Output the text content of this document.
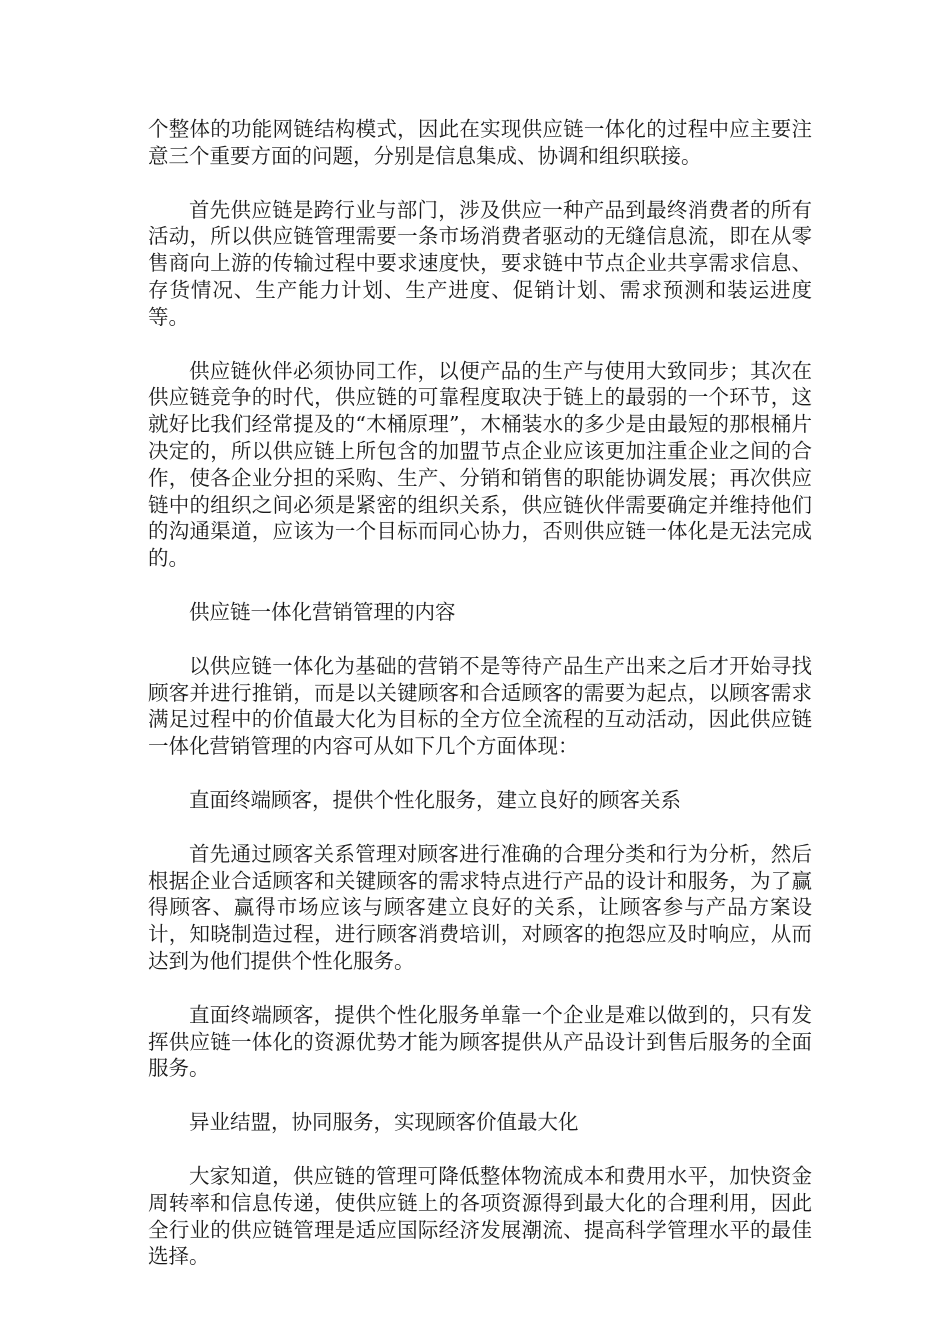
个整体的功能网链结构模式，因此在实现供应链一体化的过程中应主要注意三个重要方面的问题，分别是信息集成、协调和组织联接。

首先供应链是跨行业与部门，涉及供应一种产品到最终消费者的所有活动，所以供应链管理需要一条市场消费者驱动的无缝信息流，即在从零售商向上游的传输过程中要求速度快，要求链中节点企业共享需求信息、存货情况、生产能力计划、生产进度、促销计划、需求预测和装运进度等。

供应链伙伴必须协同工作，以便产品的生产与使用大致同步；其次在供应链竞争的时代，供应链的可靠程度取决于链上的最弱的一个环节，这就好比我们经常提及的“木桶原理”，木桶装水的多少是由最短的那根桶片决定的，所以供应链上所包含的加盟节点企业应该更加注重企业之间的合作，使各企业分担的采购、生产、分销和销售的职能协调发展；再次供应链中的组织之间必须是紧密的组织关系，供应链伙伴需要确定并维持他们的沟通渠道，应该为一个目标而同心协力，否则供应链一体化是无法完成的。

供应链一体化营销管理的内容

以供应链一体化为基础的营销不是等待产品生产出来之后才开始寻找顾客并进行推销，而是以关键顾客和合适顾客的需要为起点，以顾客需求满足过程中的价值最大化为目标的全方位全流程的互动活动，因此供应链一体化营销管理的内容可从如下几个方面体现：

直面终端顾客，提供个性化服务，建立良好的顾客关系

首先通过顾客关系管理对顾客进行准确的合理分类和行为分析，然后根据企业合适顾客和关键顾客的需求特点进行产品的设计和服务，为了赢得顾客、赢得市场应该与顾客建立良好的关系，让顾客参与产品方案设计，知晓制造过程，进行顾客消费培训，对顾客的抱怨应及时响应，从而达到为他们提供个性化服务。

直面终端顾客，提供个性化服务单靠一个企业是难以做到的，只有发挥供应链一体化的资源优势才能为顾客提供从产品设计到售后服务的全面服务。

异业结盟，协同服务，实现顾客价值最大化

大家知道，供应链的管理可降低整体物流成本和费用水平，加快资金周转率和信息传递，使供应链上的各项资源得到最大化的合理利用，因此全行业的供应链管理是适应国际经济发展潮流、提高科学管理水平的最佳选择。
